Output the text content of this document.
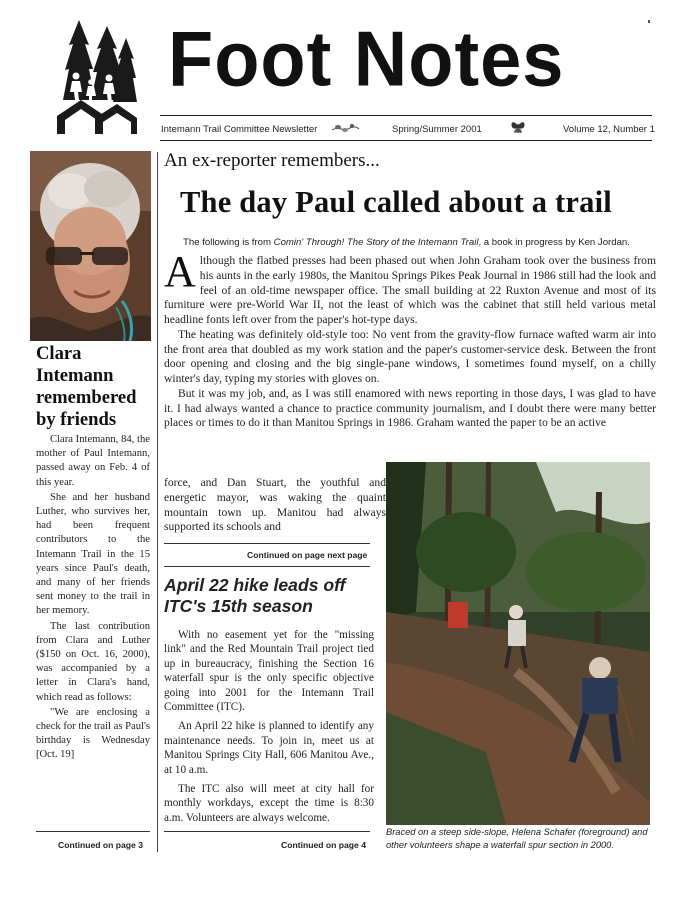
Foot Notes
Intemann Trail Committee Newsletter	Spring/Summer 2001	Volume 12, Number 1
Clara Intemann remembered by friends

Clara Intemann, 84, the mother of Paul Intemann, passed away on Feb. 4 of this year.

She and her husband Luther, who survives her, had been frequent contributors to the Intemann Trail in the 15 years since Paul's death, and many of her friends sent money to the trail in her memory.

The last contribution from Clara and Luther ($150 on Oct. 16, 2000), was accompanied by a letter in Clara's hand, which read as follows:

"We are enclosing a check for the trail as Paul's birthday is Wednesday [Oct. 19]

Continued on page 3
An ex-reporter remembers...
The day Paul called about a trail
The following is from Comin' Through! The Story of the Intemann Trail, a book in progress by Ken Jordan.

Although the flatbed presses had been phased out when John Graham took over the business from his aunts in the early 1980s, the Manitou Springs Pikes Peak Journal in 1986 still had the look and feel of an old-time newspaper office. The small building at 22 Ruxton Avenue and most of its furniture were pre-World War II, not the least of which was the cabinet that still held various metal headline fonts left over from the paper's hot-type days.

The heating was definitely old-style too: No vent from the gravity-flow furnace wafted warm air into the front area that doubled as my work station and the paper's customer-service desk. Between the front door opening and closing and the big single-pane windows, I sometimes found myself, on a chilly winter's day, typing my stories with gloves on.

But it was my job, and, as I was still enamored with news reporting in those days, I was glad to have it. I had always wanted a chance to practice community journalism, and I doubt there were many better places or times to do it than Manitou Springs in 1986. Graham wanted the paper to be an active

force, and Dan Stuart, the youthful and energetic mayor, was waking the quaint mountain town up. Manitou had always supported its schools and

Continued on page next page
April 22 hike leads off ITC's 15th season

With no easement yet for the "missing link" and the Red Mountain Trail project tied up in bureaucracy, finishing the Section 16 waterfall spur is the only specific objective going into 2001 for the Intemann Trail Committee (ITC).

An April 22 hike is planned to identify any maintenance needs. To join in, meet us at Manitou Springs City Hall, 606 Manitou Ave., at 10 a.m.

The ITC also will meet at city hall for monthly workdays, except the time is 8:30 a.m. Volunteers are always welcome.

Continued on page 4
Braced on a steep side-slope, Helena Schafer (foreground) and other volunteers shape a waterfall spur section in 2000.
